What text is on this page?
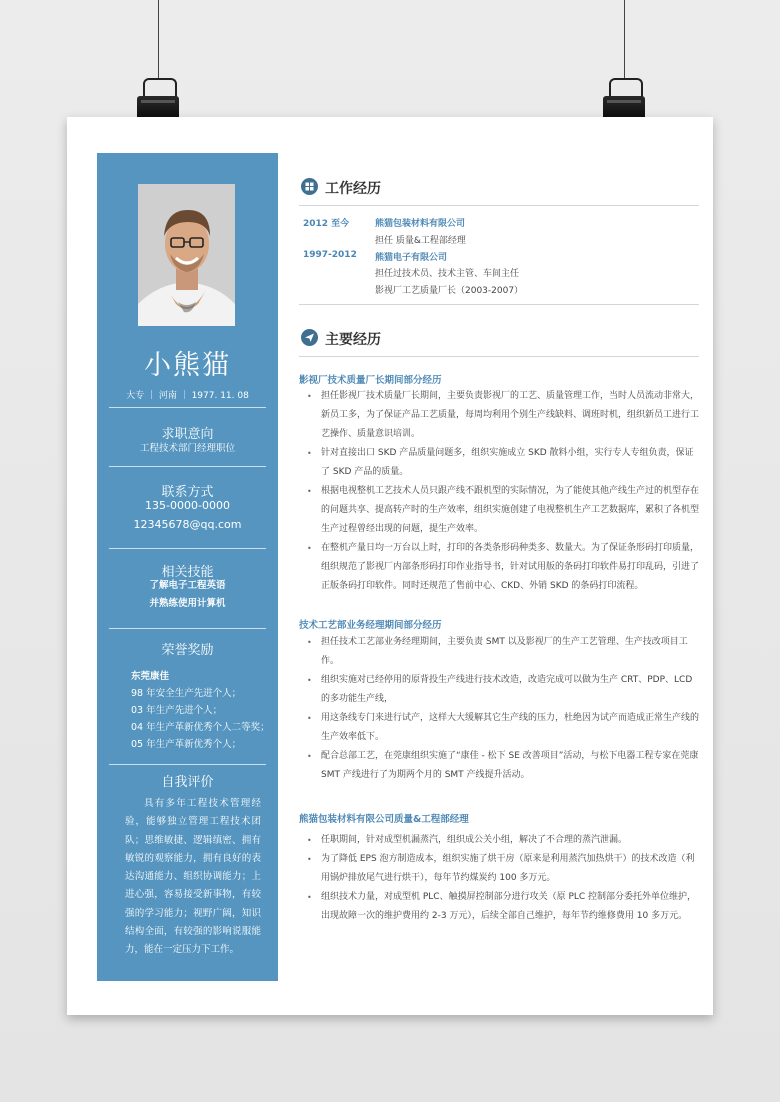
小熊猫
大专 ｜ 河南 ｜ 1977. 11. 08
求职意向
工程技术部门经理职位
联系方式
135-0000-0000
12345678@qq.com
相关技能
了解电子工程英语
并熟练使用计算机
荣誉奖励
东莞康佳
98 年安全生产先进个人；
03 年生产先进个人；
04 年生产革新优秀个人二等奖；
05 年生产革新优秀个人；
自我评价
具有多年工程技术管理经验，能够独立管理工程技术团队；思维敏捷、逻辑缜密、拥有敏锐的观察能力，拥有良好的表达沟通能力、组织协调能力；上进心强，容易接受新事物，有较强的学习能力；视野广阔，知识结构全面，有较强的影响说服能力，能在一定压力下工作。
工作经历
2012 至今	熊猫包装材料有限公司
担任 质量&工程部经理
1997-2012 熊猫电子有限公司
担任过技术员、技术主管、车间主任
影视厂工艺质量厂长（2003-2007）
主要经历
影视厂技术质量厂长期间部分经历
• 担任影视厂技术质量厂长期间，主要负责影视厂的工艺、质量管理工作，当时人员流动非常大，新员工多，为了保证产品工艺质量，每周均利用个别生产线缺料、调班时机，组织新员工进行工艺操作、质量意识培训。
• 针对直接出口 SKD 产品质量问题多，组织实施成立 SKD 散料小组，实行专人专组负责，保证了 SKD 产品的质量。
• 根据电视整机工艺技术人员只跟产线不跟机型的实际情况，为了能使其他产线生产过的机型存在的问题共享、提高转产时的生产效率，组织实施创建了电视整机生产工艺数据库，累积了各机型生产过程曾经出现的问题，提生产效率。
• 在整机产量日均一万台以上时，打印的各类条形码种类多、数量大。为了保证条形码打印质量，组织规范了影视厂内部条形码打印作业指导书，针对试用版的条码打印软件易打印乱码，引进了正版条码打印软件。同时还规范了售前中心、CKD、外销 SKD 的条码打印流程。
技术工艺部业务经理期间部分经历
• 担任技术工艺部业务经理期间，主要负责 SMT 以及影视厂的生产工艺管理、生产技改项目工作。
• 组织实施对已经停用的原背投生产线进行技术改造，改造完成可以做为生产 CRT、PDP、LCD 的多功能生产线，
• 用这条线专门来进行试产，这样大大缓解其它生产线的压力，杜绝因为试产而造成正常生产线的生产效率低下。
• 配合总部工艺，在莞康组织实施了“康佳 - 松下 SE 改善项目”活动，与松下电器工程专家在莞康 SMT 产线进行了为期两个月的 SMT 产线提升活动。
熊猫包装材料有限公司质量&工程部经理
• 任职期间，针对成型机漏蒸汽，组织成公关小组，解决了不合理的蒸汽泄漏。
• 为了降低 EPS 泡方制造成本，组织实施了烘干房（原来是利用蒸汽加热烘干）的技术改造（利用锅炉排放尾气进行烘干），每年节约煤炭约 100 多万元。
• 组织技术力量，对成型机 PLC、触摸屏控制部分进行攻关（原 PLC 控制部分委托外单位维护，出现故障一次的维护费用约 2-3 万元），后续全部自己维护，每年节约维修费用 10 多万元。
